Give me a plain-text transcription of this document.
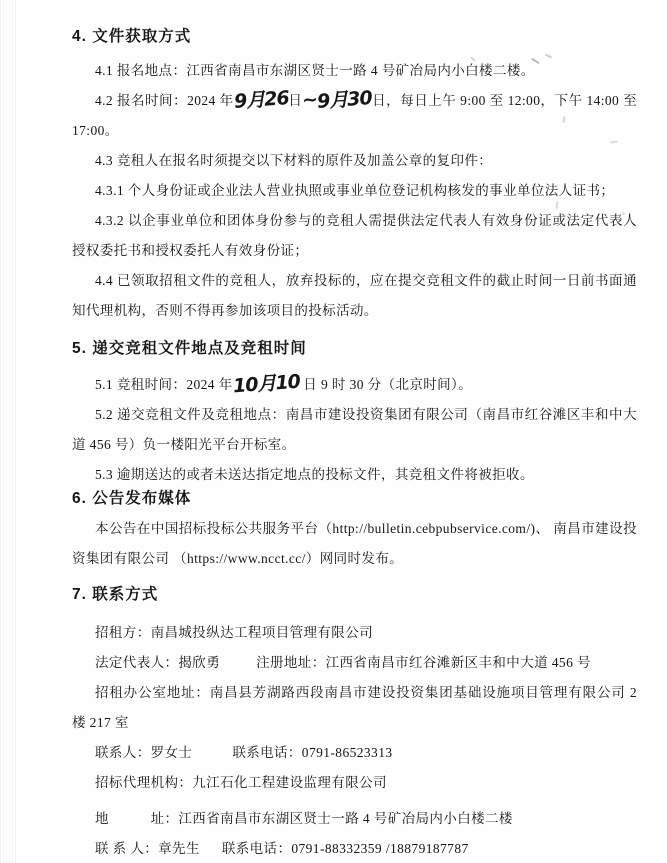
4. 文件获取方式

4.1 报名地点：江西省南昌市东湖区贤士一路 4 号矿冶局内小白楼二楼。

4.2 报名时间：2024 年9月26日~9月30日，每日上午 9:00 至 12:00，下午 14:00 至 17:00。

4.3 竞租人在报名时须提交以下材料的原件及加盖公章的复印件：

4.3.1 个人身份证或企业法人营业执照或事业单位登记机构核发的事业单位法人证书；

4.3.2 以企事业单位和团体身份参与的竞租人需提供法定代表人有效身份证或法定代表人授权委托书和授权委托人有效身份证；

4.4 已领取招租文件的竞租人，放弃投标的，应在提交竞租文件的截止时间一日前书面通知代理机构，否则不得再参加该项目的投标活动。

5. 递交竞租文件地点及竞租时间

5.1 竞租时间：2024 年10月10 日 9 时 30 分（北京时间）。

5.2 递交竞租文件及竞租地点：南昌市建设投资集团有限公司（南昌市红谷滩区丰和中大道 456 号）负一楼阳光平台开标室。

5.3 逾期送达的或者未送达指定地点的投标文件，其竞租文件将被拒收。

6. 公告发布媒体

本公告在中国招标投标公共服务平台（http://bulletin.cebpubservice.com/)、 南昌市建设投资集团有限公司 （https://www.ncct.cc/）网同时发布。

7. 联系方式

招租方：南昌城投纵达工程项目管理有限公司

法定代表人：揭欣勇	注册地址：江西省南昌市红谷滩新区丰和中大道 456 号

招租办公室地址：南昌县芳湖路西段南昌市建设投资集团基础设施项目管理有限公司 2 楼 217 室

联系人：罗女士	联系电话：0791-86523313

招标代理机构：九江石化工程建设监理有限公司

地　　　址：江西省南昌市东湖区贤士一路 4 号矿冶局内小白楼二楼

联 系 人：章先生 联系电话：0791-88332359 /18879187787
